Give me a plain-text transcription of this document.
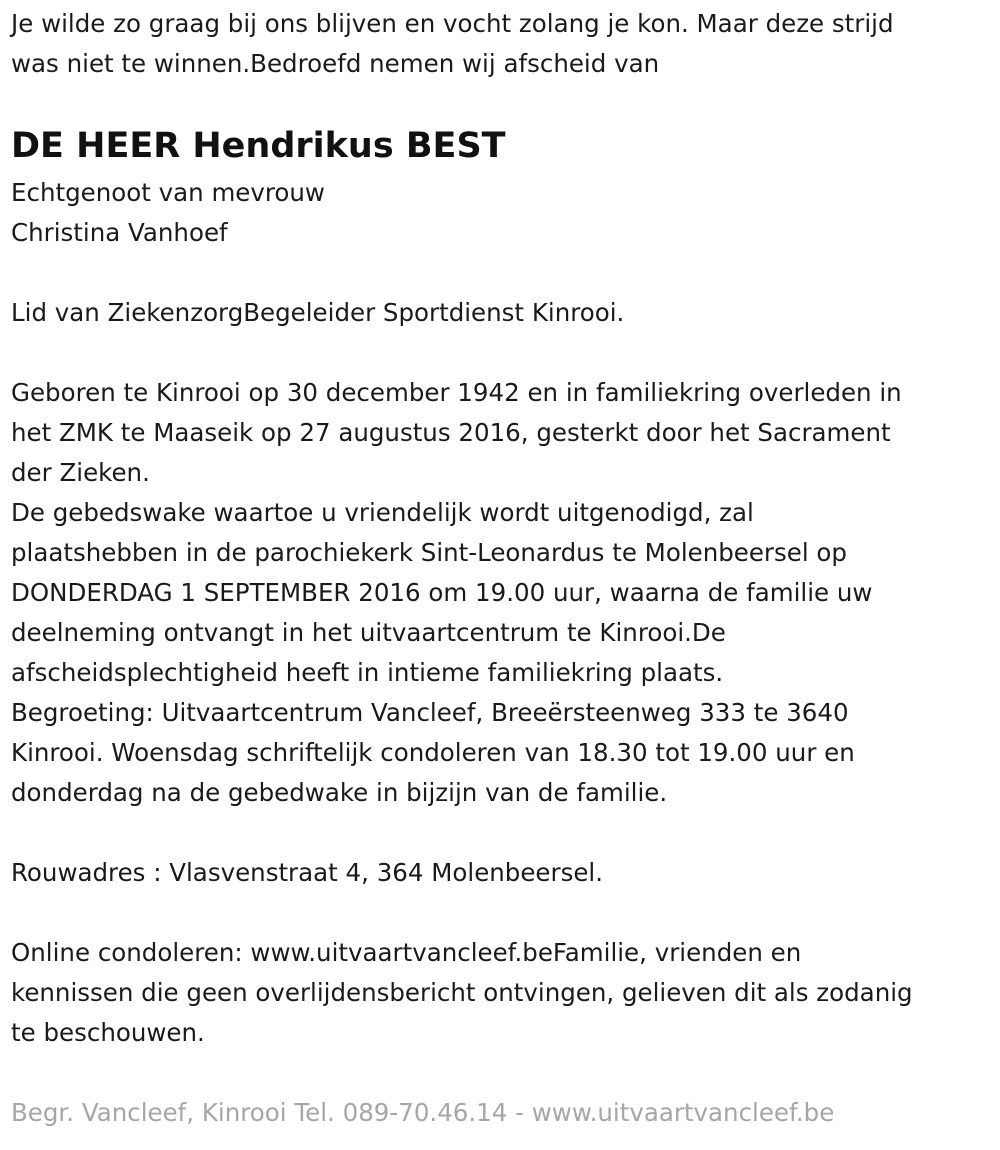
Je wilde zo graag bij ons blijven en vocht zolang je kon. Maar deze strijd
was niet te winnen.Bedroefd nemen wij afscheid van
DE HEER Hendrikus BEST
Echtgenoot van mevrouw
Christina Vanhoef
Lid van ZiekenzorgBegeleider Sportdienst Kinrooi.
Geboren te Kinrooi op 30 december 1942 en in familiekring overleden in
het ZMK te Maaseik op 27 augustus 2016, gesterkt door het Sacrament
der Zieken.
De gebedswake waartoe u vriendelijk wordt uitgenodigd, zal
plaatshebben in de parochiekerk Sint-Leonardus te Molenbeersel op
DONDERDAG 1 SEPTEMBER 2016 om 19.00 uur, waarna de familie uw
deelneming ontvangt in het uitvaartcentrum te Kinrooi.De
afscheidsplechtigheid heeft in intieme familiekring plaats.
Begroeting: Uitvaartcentrum Vancleef, Breeërsteenweg 333 te 3640
Kinrooi. Woensdag schriftelijk condoleren van 18.30 tot 19.00 uur en
donderdag na de gebedwake in bijzijn van de familie.
Rouwadres : Vlasvenstraat 4, 364 Molenbeersel.
Online condoleren: www.uitvaartvancleef.beFamilie, vrienden en
kennissen die geen overlijdensbericht ontvingen, gelieven dit als zodanig
te beschouwen.
Begr. Vancleef, Kinrooi Tel. 089-70.46.14 - www.uitvaartvancleef.be
